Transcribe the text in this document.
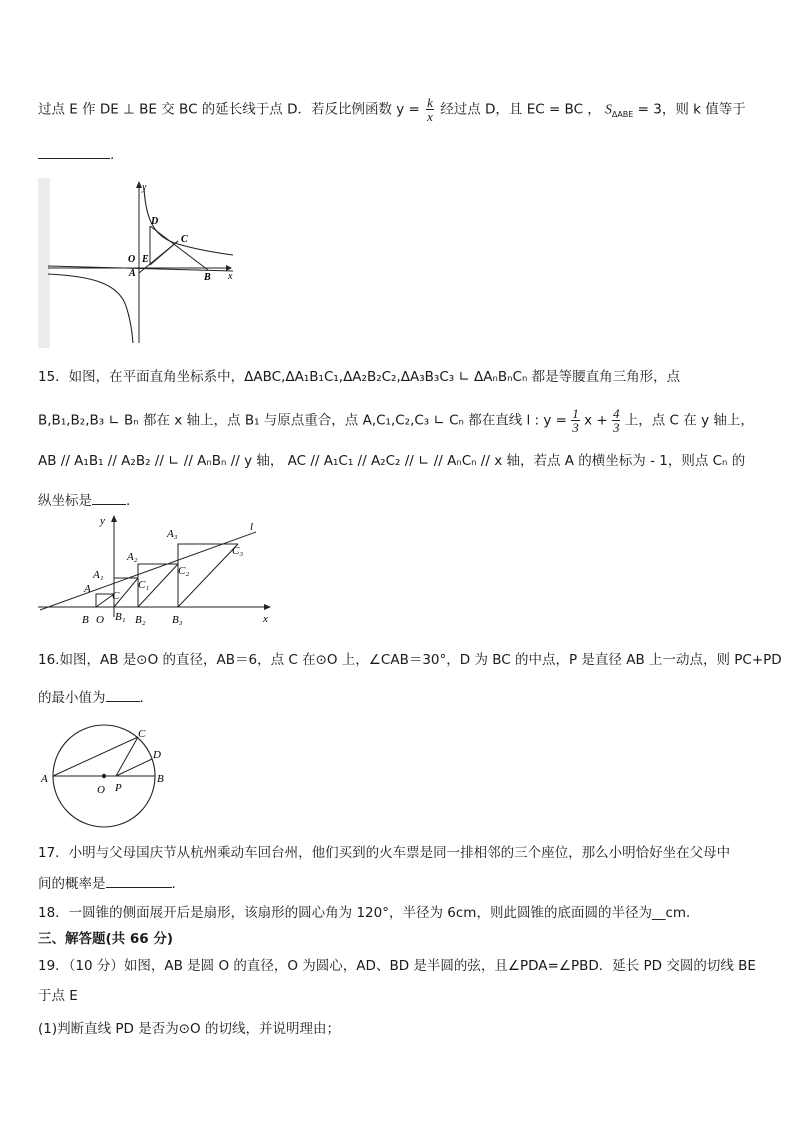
过点 E 作 DE ⊥ BE 交 BC 的延长线于点 D．若反比例函数 $y = \frac{k}{x}$ 经过点 D，且 EC = BC ， $S_{\Delta ABE} = 3$，则 k 值等于
.
y
D
C
O E
A	B x
15．如图，在平面直角坐标系中，ΔABC,ΔA₁B₁C₁,ΔA₂B₂C₂,ΔA₃B₃C₃ ∟ ΔAₙBₙCₙ 都是等腰直角三角形，点
B,B₁,B₂,B₃ ∟ Bₙ 都在 x 轴上，点 B₁ 与原点重合，点 A,C₁,C₂,C₃ ∟ Cₙ 都在直线 l : $y = \frac{1}{3}$ $x + \frac{4}{3}$ 上，点 C 在 y 轴上，
AB // A₁B₁ // A₂B₂ // ∟ // AₙBₙ // y 轴， AC // A₁C₁ // A₂C₂ // ∟ // AₙCₙ // x 轴，若点 A 的横坐标为 - 1，则点 Cₙ 的
纵坐标是	.
y	l
A₃
A₂
A₁
A
C₃
C₂
C₁
C
B O B₁ B₂ B₃	x
16.如图，AB 是⊙O 的直径，AB＝6，点 C 在⊙O 上，∠CAB＝30°，D 为 BC 的中点，P 是直径 AB 上一动点，则 PC+PD
的最小值为	.
A
O P
B
C
D
17．小明与父母国庆节从杭州乘动车回台州，他们买到的火车票是同一排相邻的三个座位，那么小明恰好坐在父母中
间的概率是	.
18．一圆锥的侧面展开后是扇形，该扇形的圆心角为 120°，半径为 6cm，则此圆锥的底面圆的半径为__cm．
三、解答题(共 66 分)
19．（10 分）如图，AB 是圆 O 的直径，O 为圆心，AD、BD 是半圆的弦，且∠PDA=∠PBD．延长 PD 交圆的切线 BE
于点 E
(1)判断直线 PD 是否为⊙O 的切线，并说明理由；
